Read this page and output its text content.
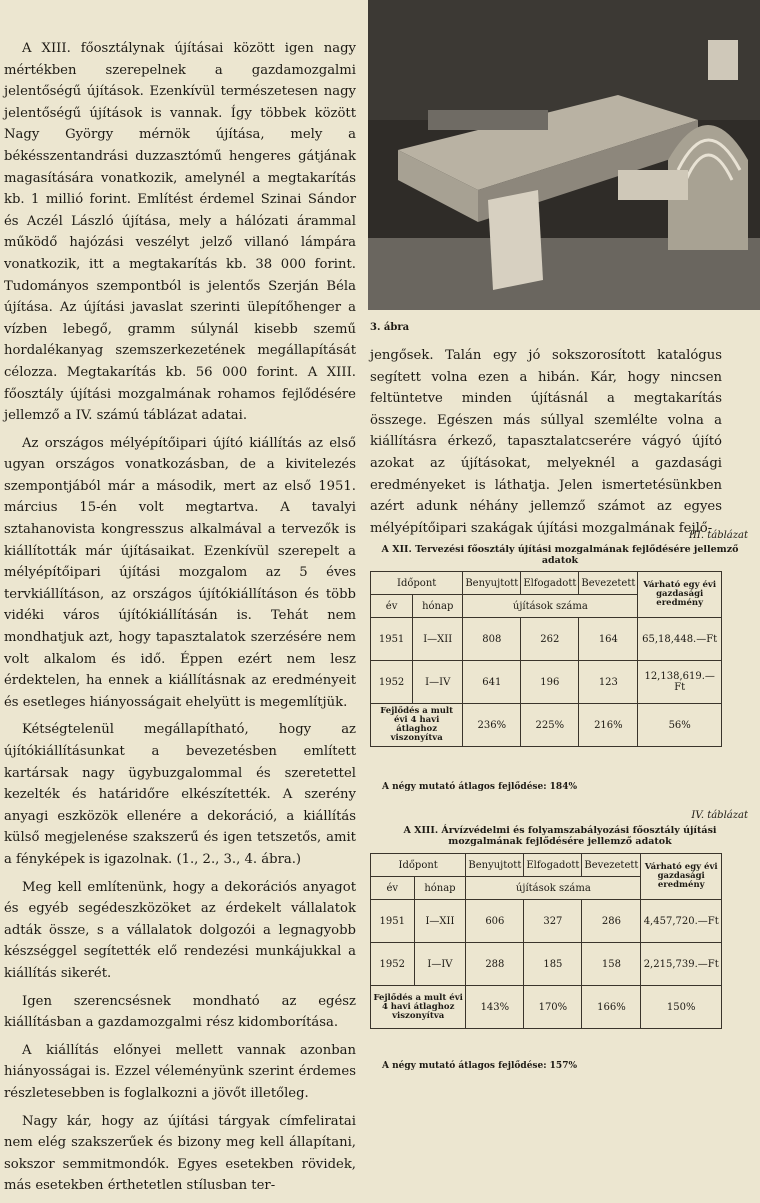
A XIII. főosztálynak újításai között igen nagy mértékben szerepelnek a gazdamozgalmi jelentőségű újítások. Ezenkívül természetesen nagy jelentőségű újítások is vannak. Így többek között Nagy György mérnök újítása, mely a békésszentandrási duzzasztómű hengeres gátjának magasítására vonatkozik, amelynél a megtakarítás kb. 1 millió forint. Említést érdemel Szinai Sándor és Aczél László újítása, mely a hálózati árammal működő hajózási veszélyt jelző villanó lámpára vonatkozik, itt a megtakarítás kb. 38 000 forint. Tudományos szempontból is jelentős Szerján Béla újítása. Az újítási javaslat szerinti ülepítőhenger a vízben lebegő, gramm súlynál kisebb szemű hordalékanyag szemszerkezetének megállapítását célozza. Megtakarítás kb. 56 000 forint. A XIII. főosztály újítási mozgalmának rohamos fejlődésére jellemző a IV. számú táblázat adatai.

Az országos mélyépítőipari újító kiállítás az első ugyan országos vonatkozásban, de a kivitelezés szempontjából már a második, mert az első 1951. március 15-én volt megtartva. A tavalyi sztahanovista kongresszus alkalmával a tervezők is kiállították már újításaikat. Ezenkívül szerepelt a mélyépítőipari újítási mozgalom az 5 éves tervkiállításon, az országos újítókiállításon és több vidéki város újítókiállításán is. Tehát nem mondhatjuk azt, hogy tapasztalatok szerzésére nem volt alkalom és idő. Éppen ezért nem lesz érdektelen, ha ennek a kiállításnak az eredményeit és esetleges hiányosságait ehelyütt is megemlítjük.

Kétségtelenül megállapítható, hogy az újítókiállításunkat a bevezetésben említett kartársak nagy ügybuzgalommal és szeretettel kezelték és határidőre elkészítették. A szerény anyagi eszközök ellenére a dekoráció, a kiállítás külső megjelenése szakszerű és igen tetszetős, amit a fényképek is igazolnak. (1., 2., 3., 4. ábra.)

Meg kell említenünk, hogy a dekorációs anyagot és egyéb segédeszközöket az érdekelt vállalatok adták össze, s a vállalatok dolgozói a legnagyobb készséggel segítették elő rendezési munkájukkal a kiállítás sikerét.

Igen szerencsésnek mondható az egész kiállításban a gazdamozgalmi rész kidomborítása.

A kiállítás előnyei mellett vannak azonban hiányosságai is. Ezzel véleményünk szerint érdemes részletesebben is foglalkozni a jövőt illetőleg.

Nagy kár, hogy az újítási tárgyak címfeliratai nem elég szakszerűek és bizony meg kell állapítani, sokszor semmitmondók. Egyes esetekben rövidek, más esetekben érthetetlen stílusban ter-

3. ábra

jengősek. Talán egy jó sokszorosított katalógus segített volna ezen a hibán. Kár, hogy nincsen feltüntetve minden újításnál a megtakarítás összege. Egészen más súllyal szemlélte volna a kiállításra érkező, tapasztalatcserére vágyó újító azokat az újításokat, melyeknél a gazdasági eredményeket is láthatja. Jelen ismertetésünkben azért adunk néhány jellemző számot az egyes mélyépítőipari szakágak újítási mozgalmának fejlő-

III. táblázat
A XII. Tervezési főosztály újítási mozgalmának fejlődésére jellemző adatok
Időpont		Benyujtott	Elfogadott	Bevezetett	Várható egy évi gazdasági eredmény
év	hónap	újítások száma			
1951	I—XII	808	262	164	65,18,448.—Ft
1952	I—IV	641	196	123	12,138,619.—Ft
Fejlődés a mult évi 4 havi átlaghoz viszonyítva		236%	225%	216%	56%
A négy mutató átlagos fejlődése: 184%
IV. táblázat
A XIII. Árvízvédelmi és folyamszabályozási főosztály újítási mozgalmának fejlődésére jellemző adatok
Időpont		Benyujtott	Elfogadott	Bevezetett	Várható egy évi gazdasági eredmény
év	hónap	újítások száma			
1951	I—XII	606	327	286	4,457,720.—Ft
1952	I—IV	288	185	158	2,215,739.—Ft
Fejlődés a mult évi 4 havi átlaghoz viszonyítva		143%	170%	166%	150%
A négy mutató átlagos fejlődése: 157%
